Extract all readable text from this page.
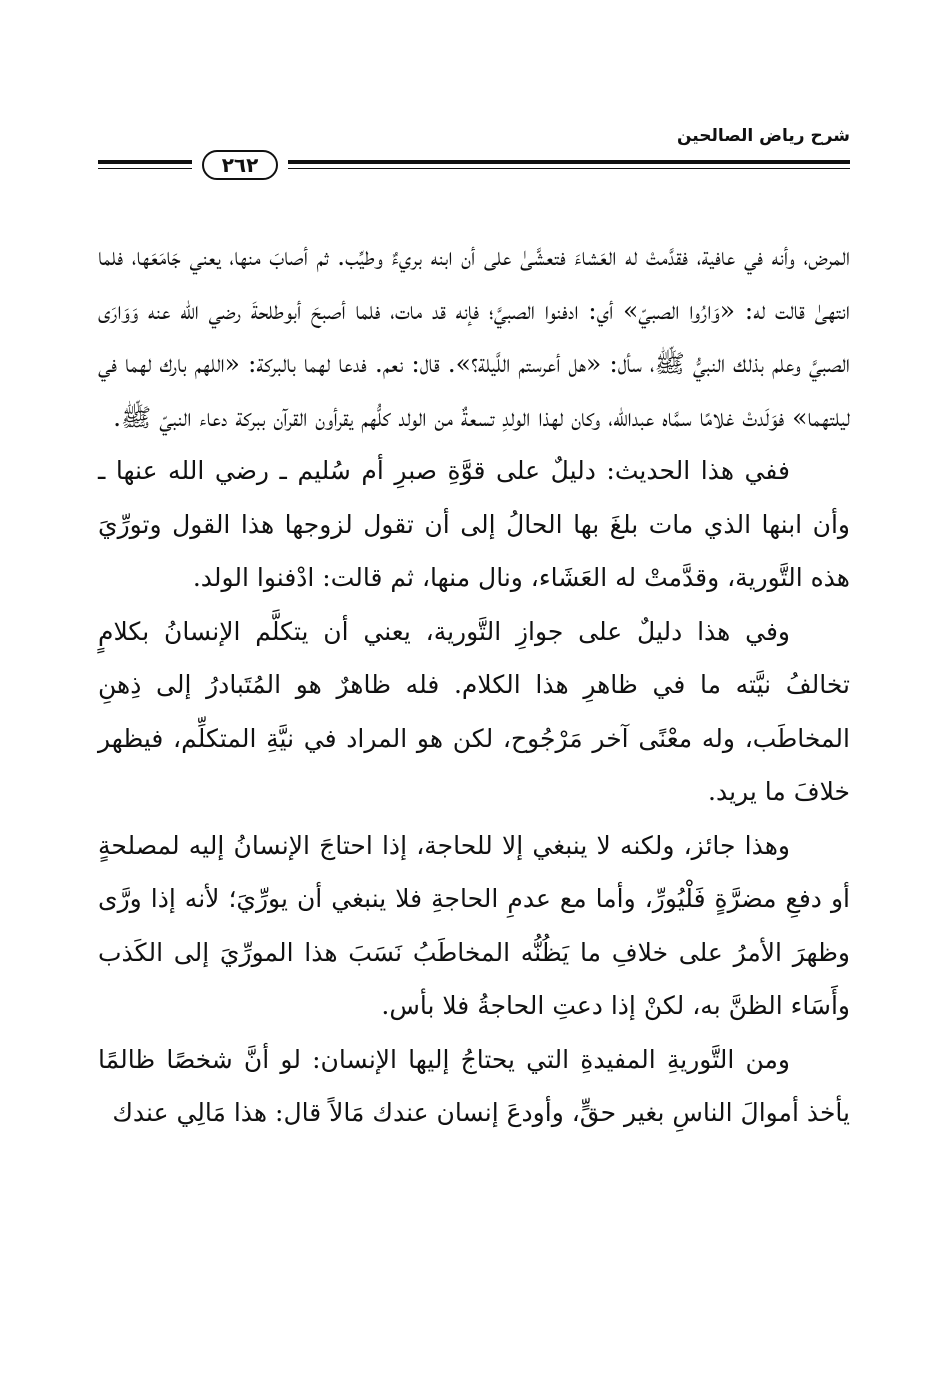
شرح رياض الصالحين
٢٦٢

المرض، وأنه في عافية، فقدَّمتْ له العَشاءَ فتعشَّىٰ على أن ابنه بريءٌ وطيِّب. ثم أصابَ منها، يعني جَامَعَها، فلما انتهىٰ قالت له: «وَارُوا الصبيّ» أي: ادفنوا الصبيَّ؛ فإنه قد مات، فلما أصبحَ أبوطلحةَ رضي الله عنه وَوَارَى الصبيَّ وعلم بذلك النبيُّ ﷺ، سأل: «هل أعرستم اللَّيلة؟». قال: نعم. فدعا لهما بالبركة: «اللهم بارك لهما في ليلتهما» فوَلَدتْ غلامًا سمَّاه عبدالله، وكان لهذا الولدِ تسعةٌ من الولد كلُّهم يقرأون القرآن ببركة دعاء النبيّ ﷺ.

ففي هذا الحديث: دليلٌ على قوَّةِ صبرِ أم سُليم ـ رضي الله عنها ـ وأن ابنها الذي مات بلغَ بها الحالُ إلى أن تقول لزوجها هذا القول وتورِّيَ هذه التَّورية، وقدَّمتْ له العَشَاء، ونال منها، ثم قالت: ادْفنوا الولد.

وفي هذا دليلٌ على جوازِ التَّورية، يعني أن يتكلَّم الإنسانُ بكلامٍ تخالفُ نيَّته ما في ظاهرِ هذا الكلام. فله ظاهرٌ هو المُتَبادرُ إلى ذِهنِ المخاطَب، وله معْنًى آخر مَرْجُوح، لكن هو المراد في نيَّةِ المتكلِّم، فيظهر خلافَ ما يريد.

وهذا جائز، ولكنه لا ينبغي إلا للحاجة، إذا احتاجَ الإنسانُ إليه لمصلحةٍ أو دفعِ مضرَّةٍ فَلْيُورِّ، وأما مع عدمِ الحاجةِ فلا ينبغي أن يورِّيَ؛ لأنه إذا ورَّى وظهرَ الأمرُ على خلافِ ما يَظُنُّه المخاطَبُ نَسَبَ هذا المورِّيَ إلى الكَذب وأَسَاء الظنَّ به، لكنْ إذا دعتِ الحاجةُ فلا بأس.

ومن التَّوريةِ المفيدةِ التي يحتاجُ إليها الإنسان: لو أنَّ شخصًا ظالمًا يأخذ أموالَ الناسِ بغير حقٍّ، وأودعَ إنسان عندك مَالاً قال: هذا مَالِي عندك
